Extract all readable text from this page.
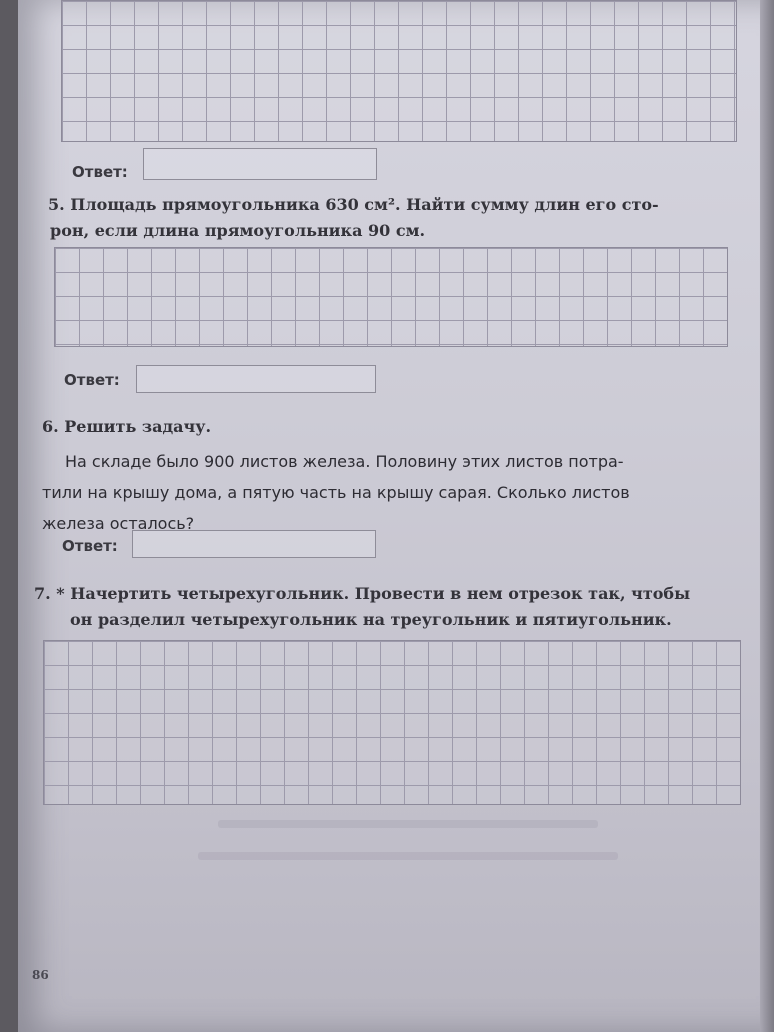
Ответ:
5. Площадь прямоугольника 630 см². Найти сумму длин его сто-
рон, если длина прямоугольника 90 см.
Ответ:
6. Решить задачу.
На складе было 900 листов железа. Половину этих листов потра-
тили на крышу дома, а пятую часть на крышу сарая. Сколько листов
железа осталось?
Ответ:
7. * Начертить четырехугольник. Провести в нем отрезок так, чтобы
он разделил четырехугольник на треугольник и пятиугольник.
86
